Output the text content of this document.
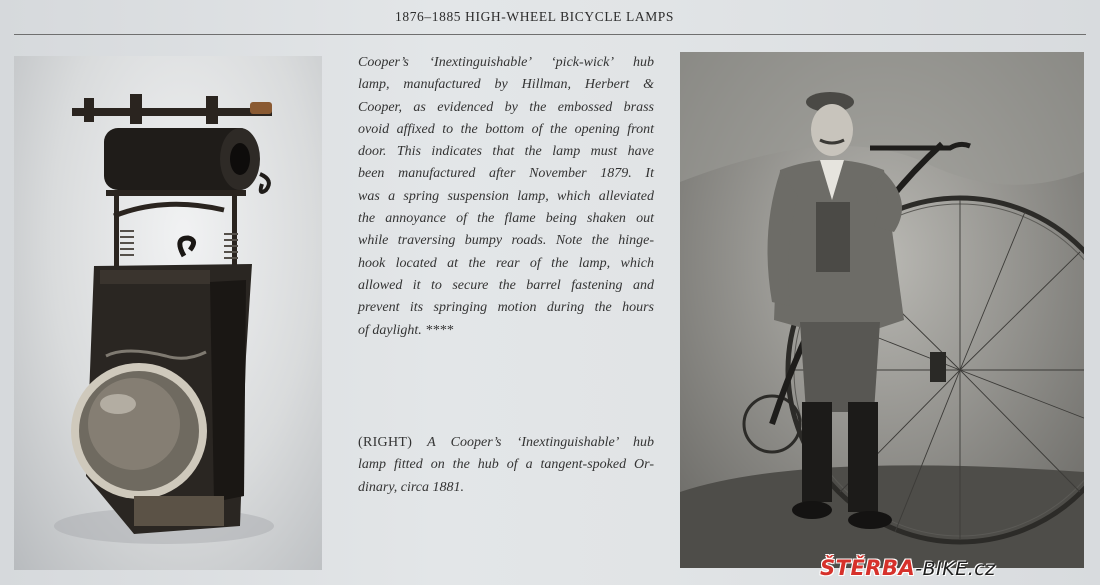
1876–1885 HIGH-WHEEL BICYCLE LAMPS
Cooper’s ‘Inextinguishable’ ‘pick-wick’ hub
lamp, manufactured by Hillman, Herbert &
Cooper, as evidenced by the embossed brass
ovoid affixed to the bottom of the opening front
door. This indicates that the lamp must have
been manufactured after November 1879. It
was a spring suspension lamp, which alleviated
the annoyance of the flame being shaken out
while traversing bumpy roads. Note the hinge-
hook located at the rear of the lamp, which
allowed it to secure the barrel fastening and
prevent its springing motion during the hours
of daylight. ****
(RIGHT) A Cooper’s ‘Inextinguishable’ hub
lamp fitted on the hub of a tangent-spoked Or-
dinary, circa 1881.
ŠTĚRBA-BIKE.cz
